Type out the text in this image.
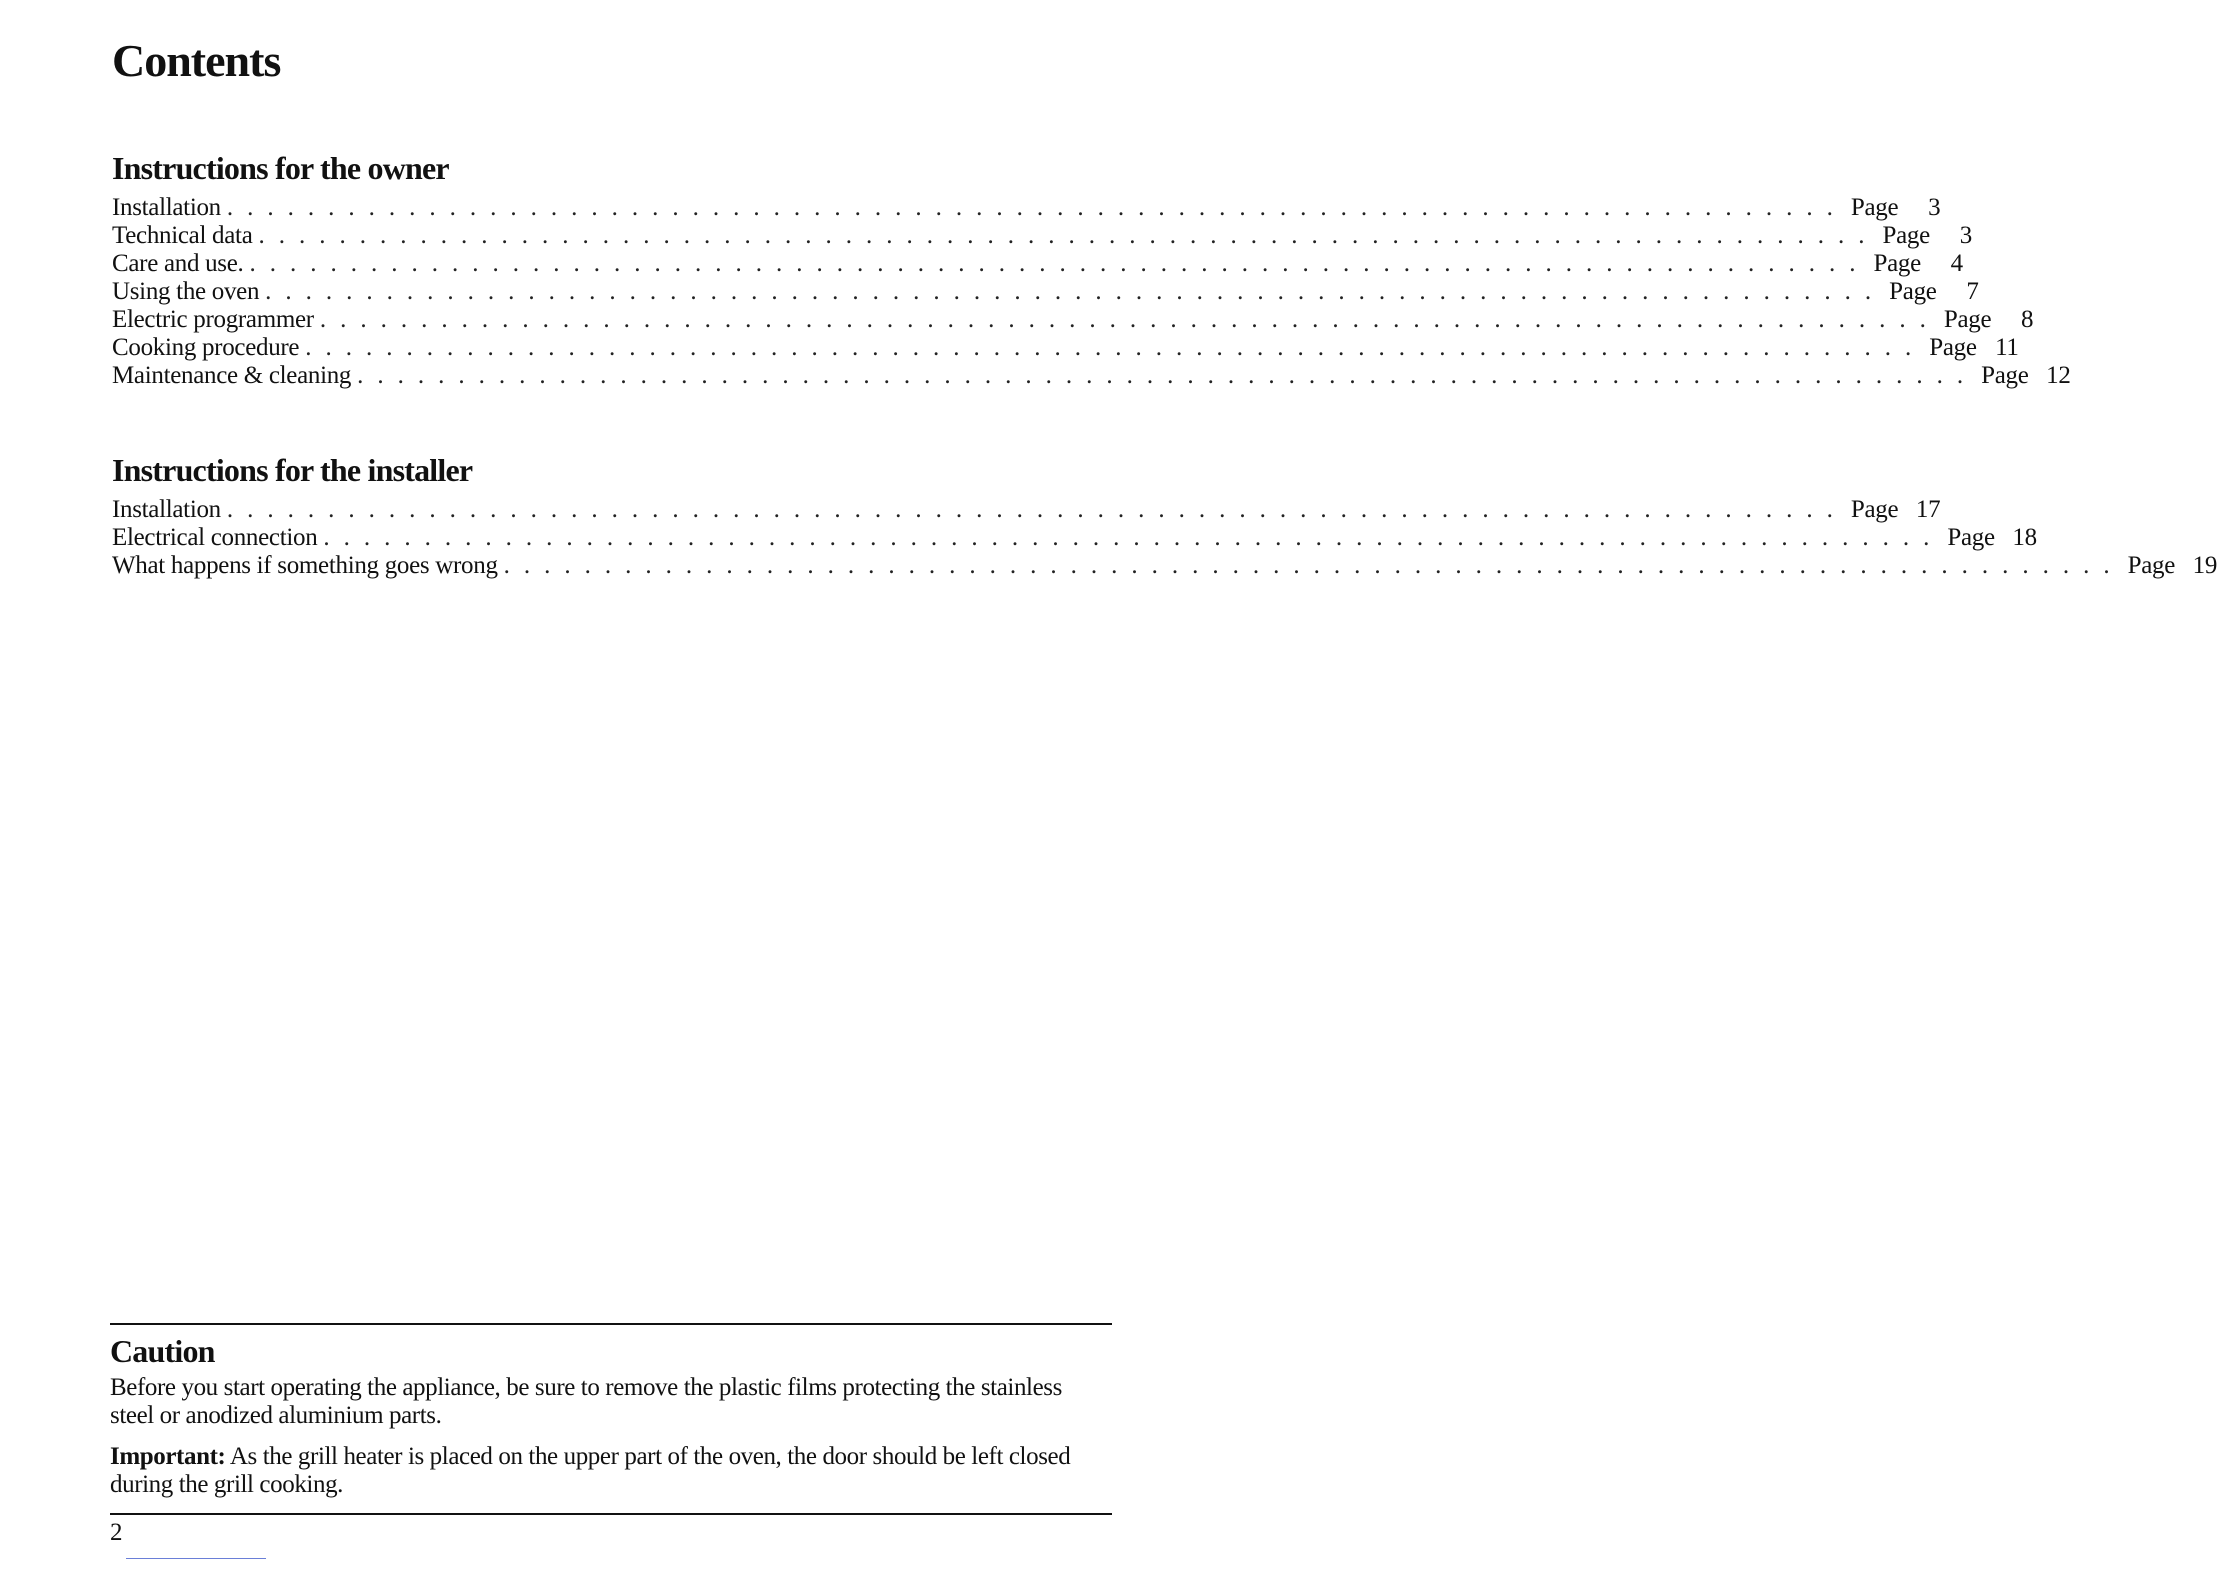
Contents
Instructions for the owner
Installation ................................................................................ Page	3
Technical data ................................................................................ Page	3
Care and use. ................................................................................ Page	4
Using the oven ................................................................................ Page	7
Electric programmer ................................................................................ Page	8
Cooking procedure ................................................................................ Page 11
Maintenance & cleaning ................................................................................ Page 12
Instructions for the installer
Installation ................................................................................ Page 17
Electrical connection ................................................................................ Page 18
What happens if something goes wrong ................................................................................ Page 19
Caution

Before you start operating the appliance, be sure to remove the plastic films protecting the stainless steel or anodized aluminium parts.

Important: As the grill heater is placed on the upper part of the oven, the door should be left closed during the grill cooking.

2
